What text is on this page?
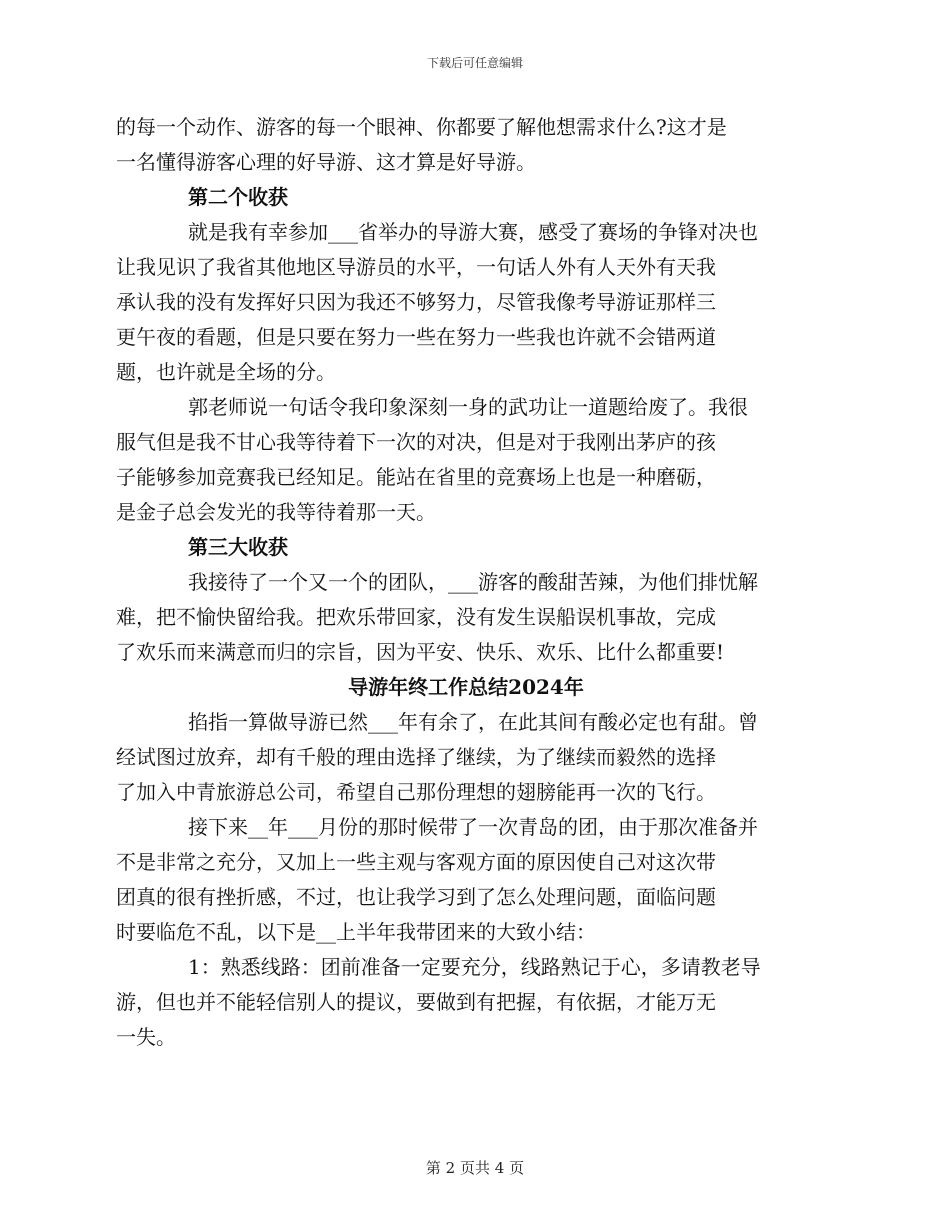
下载后可任意编辑

的每一个动作、游客的每一个眼神、你都要了解他想需求什么?这才是

一名懂得游客心理的好导游、这才算是好导游。

第二个收获

就是我有幸参加___省举办的导游大赛，感受了赛场的争锋对决也

让我见识了我省其他地区导游员的水平，一句话人外有人天外有天我

承认我的没有发挥好只因为我还不够努力，尽管我像考导游证那样三

更午夜的看题，但是只要在努力一些在努力一些我也许就不会错两道

题，也许就是全场的分。

郭老师说一句话令我印象深刻一身的武功让一道题给废了。我很

服气但是我不甘心我等待着下一次的对决，但是对于我刚出茅庐的孩

子能够参加竞赛我已经知足。能站在省里的竞赛场上也是一种磨砺，

是金子总会发光的我等待着那一天。

第三大收获

我接待了一个又一个的团队，___游客的酸甜苦辣，为他们排忧解

难，把不愉快留给我。把欢乐带回家，没有发生误船误机事故，完成

了欢乐而来满意而归的宗旨，因为平安、快乐、欢乐、比什么都重要!

导游年终工作总结2024年

掐指一算做导游已然___年有余了，在此其间有酸必定也有甜。曾

经试图过放弃，却有千般的理由选择了继续，为了继续而毅然的选择

了加入中青旅游总公司，希望自己那份理想的翅膀能再一次的飞行。

接下来__年___月份的那时候带了一次青岛的团，由于那次准备并

不是非常之充分，又加上一些主观与客观方面的原因使自己对这次带

团真的很有挫折感，不过，也让我学习到了怎么处理问题，面临问题

时要临危不乱，以下是__上半年我带团来的大致小结：

1：熟悉线路：团前准备一定要充分，线路熟记于心，多请教老导

游，但也并不能轻信别人的提议，要做到有把握，有依据，才能万无

一失。

第 2 页共 4 页
